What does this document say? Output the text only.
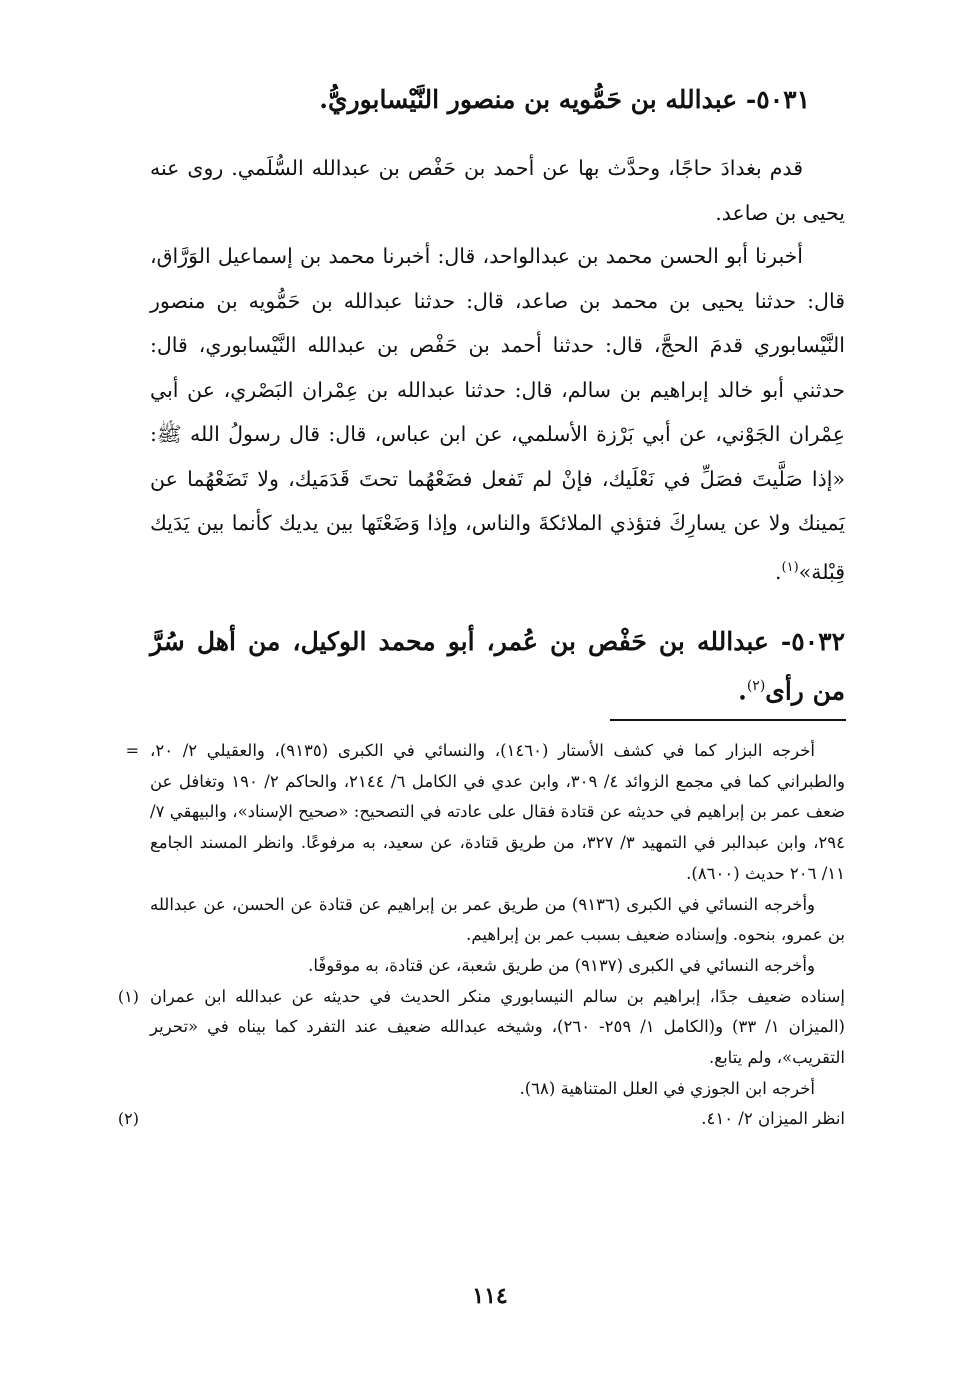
٥٠٣١- عبدالله بن حَمُّويه بن منصور النَّيْسابوريُّ.
قدم بغدادَ حاجًا، وحدَّث بها عن أحمد بن حَفْص بن عبدالله السُّلَمي. روى عنه يحيى بن صاعد.
أخبرنا أبو الحسن محمد بن عبدالواحد، قال: أخبرنا محمد بن إسماعيل الوَرَّاق، قال: حدثنا يحيى بن محمد بن صاعد، قال: حدثنا عبدالله بن حَمُّويه بن منصور النَّيْسابوري قدمَ الحجَّ، قال: حدثنا أحمد بن حَفْص بن عبدالله النَّيْسابوري، قال: حدثني أبو خالد إبراهيم بن سالم، قال: حدثنا عبدالله بن عِمْران البَصْري، عن أبي عِمْران الجَوْني، عن أبي بَرْزة الأسلمي، عن ابن عباس، قال: قال رسولُ الله ﷺ: «إذا صَلَّيتَ فصَلِّ في نَعْلَيك، فإنْ لم تَفعل فضَعْهُما تحتَ قَدَمَيك، ولا تَضَعْهُما عن يَمينك ولا عن يسارِكَ فتؤذي الملائكةَ والناس، وإذا وَضَعْتَها بين يديك كأنما بين يَدَيك قِبْلة»$^{(١)}$.
٥٠٣٢- عبدالله بن حَفْص بن عُمر، أبو محمد الوكيل، من أهل سُرَّ من رأى$^{(٢)}$.
= أخرجه البزار كما في كشف الأستار (١٤٦٠)، والنسائي في الكبرى (٩١٣٥)، والعقيلي ٢/ ٢٠، والطبراني كما في مجمع الزوائد ٤/ ٣٠٩، وابن عدي في الكامل ٦/ ٢١٤٤، والحاكم ٢/ ١٩٠ وتغافل عن ضعف عمر بن إبراهيم في حديثه عن قتادة فقال على عادته في التصحيح: «صحيح الإسناد»، والبيهقي ٧/ ٢٩٤، وابن عبدالبر في التمهيد ٣/ ٣٢٧، من طريق قتادة، عن سعيد، به مرفوعًا. وانظر المسند الجامع ١١/ ٢٠٦ حديث (٨٦٠٠).
وأخرجه النسائي في الكبرى (٩١٣٦) من طريق عمر بن إبراهيم عن قتادة عن الحسن، عن عبدالله بن عمرو، بنحوه. وإسناده ضعيف بسبب عمر بن إبراهيم.
وأخرجه النسائي في الكبرى (٩١٣٧) من طريق شعبة، عن قتادة، به موقوفًا.
(١) إسناده ضعيف جدًا، إبراهيم بن سالم النيسابوري منكر الحديث في حديثه عن عبدالله ابن عمران (الميزان ١/ ٣٣) و(الكامل ١/ ٢٥٩- ٢٦٠)، وشيخه عبدالله ضعيف عند التفرد كما بيناه في «تحرير التقريب»، ولم يتابع.
أخرجه ابن الجوزي في العلل المتناهية (٦٨).
(٢)	انظر الميزان ٢/ ٤١٠.
١١٤
